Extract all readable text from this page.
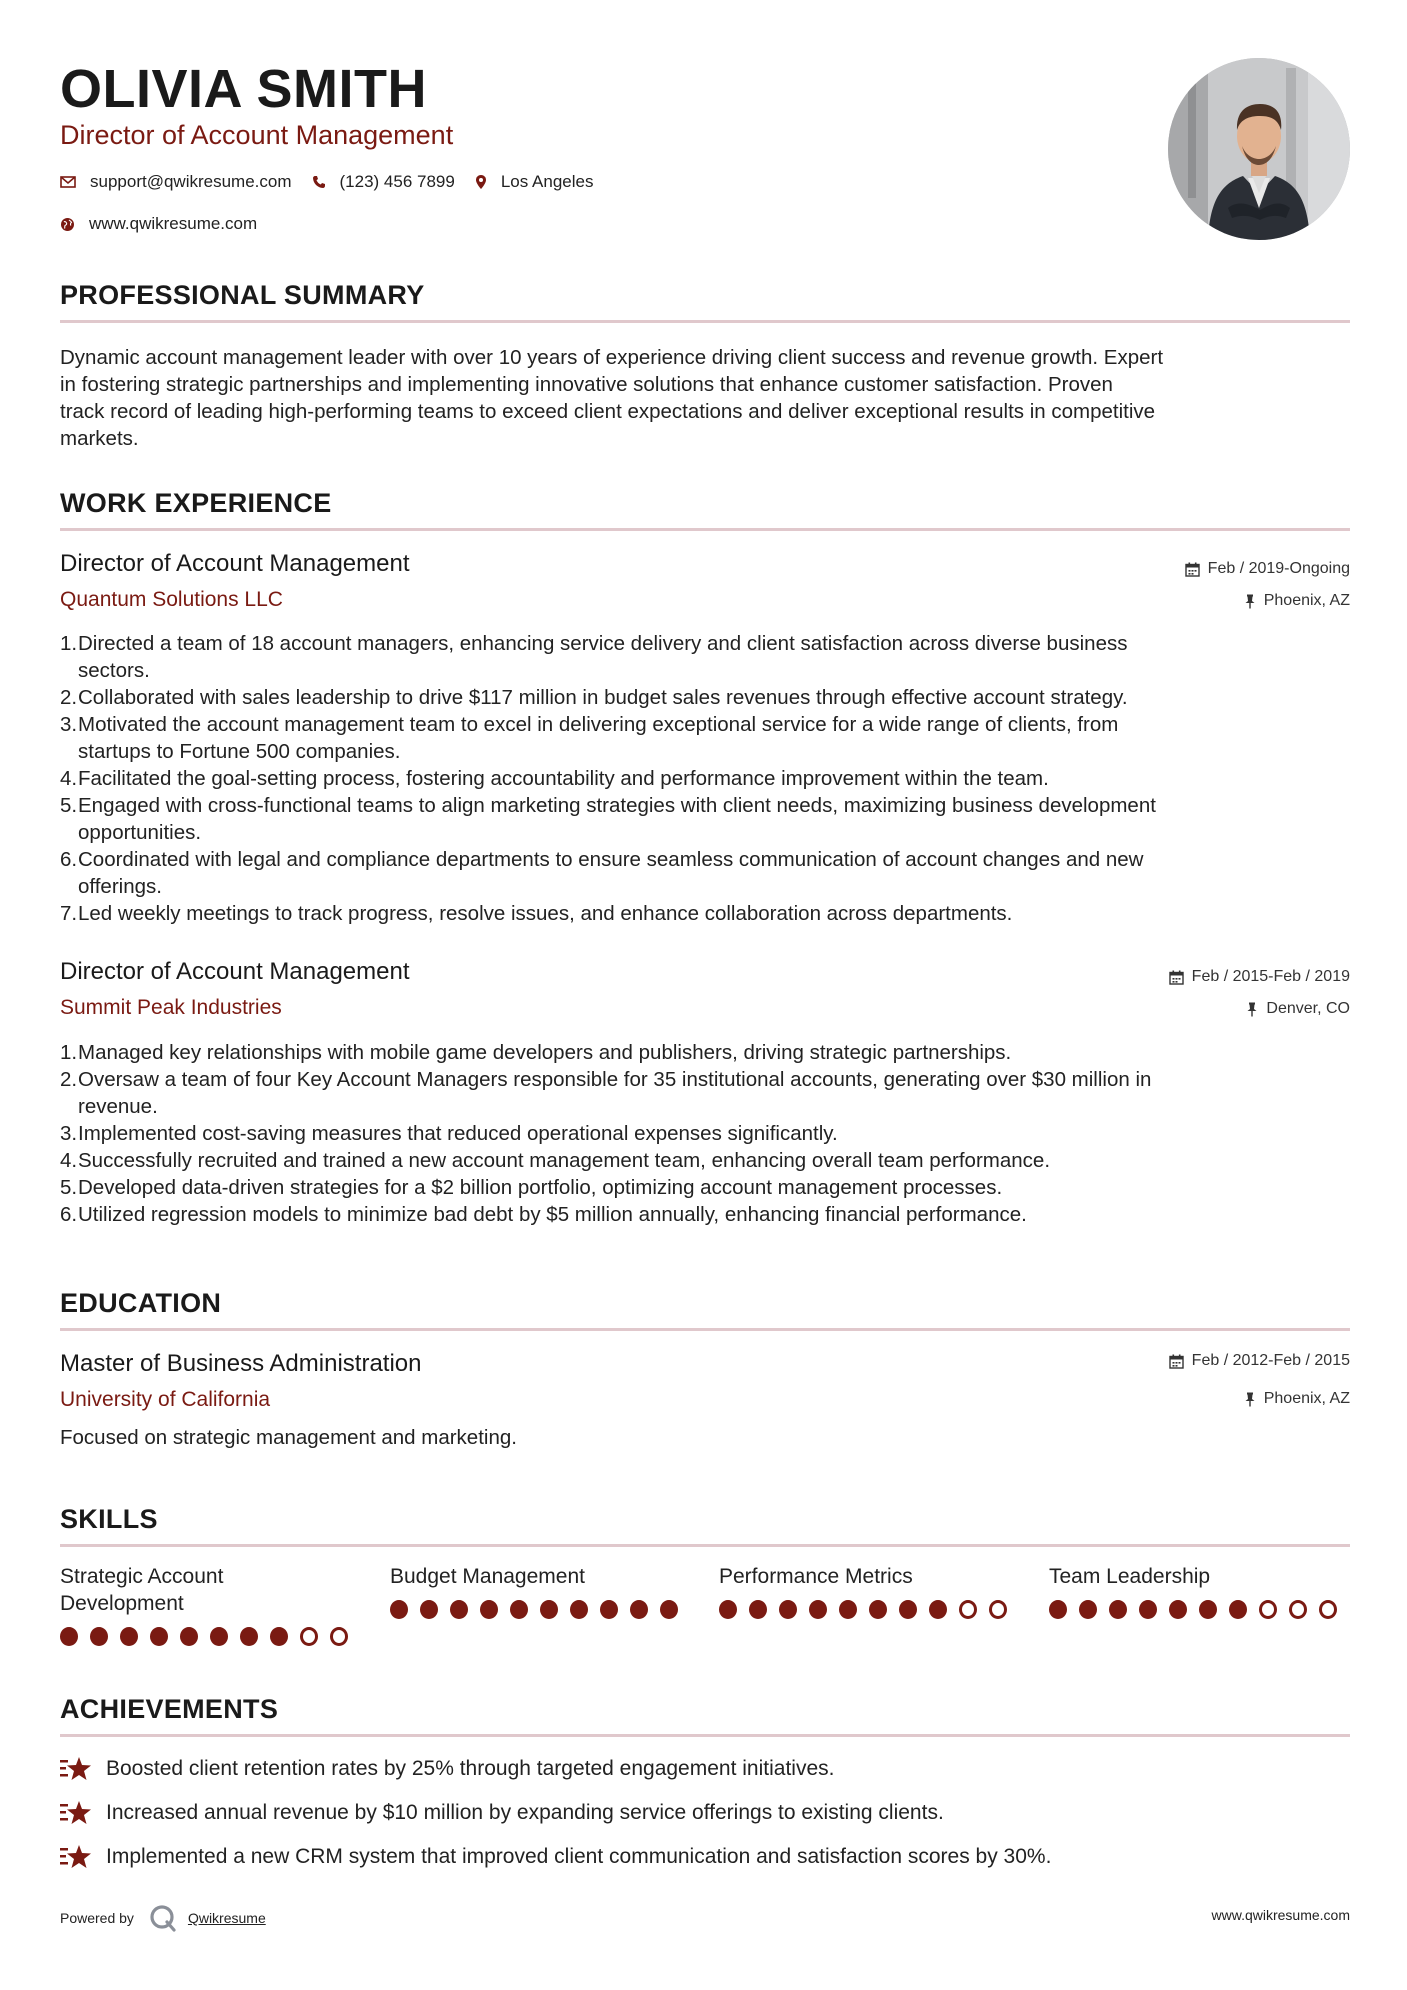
OLIVIA SMITH
Director of Account Management
support@qwikresume.com	(123) 456 7899	Los Angeles
www.qwikresume.com
PROFESSIONAL SUMMARY
Dynamic account management leader with over 10 years of experience driving client success and revenue growth. Expert
in fostering strategic partnerships and implementing innovative solutions that enhance customer satisfaction. Proven
track record of leading high-performing teams to exceed client expectations and deliver exceptional results in competitive
markets.
WORK EXPERIENCE
Director of Account Management
Quantum Solutions LLC
Feb / 2019-Ongoing
Phoenix, AZ
1. Directed a team of 18 account managers, enhancing service delivery and client satisfaction across diverse business
sectors.
2. Collaborated with sales leadership to drive $117 million in budget sales revenues through effective account strategy.
3. Motivated the account management team to excel in delivering exceptional service for a wide range of clients, from
startups to Fortune 500 companies.
4. Facilitated the goal-setting process, fostering accountability and performance improvement within the team.
5. Engaged with cross-functional teams to align marketing strategies with client needs, maximizing business development
opportunities.
6. Coordinated with legal and compliance departments to ensure seamless communication of account changes and new
offerings.
7. Led weekly meetings to track progress, resolve issues, and enhance collaboration across departments.
Director of Account Management
Summit Peak Industries
Feb / 2015-Feb / 2019
Denver, CO
1. Managed key relationships with mobile game developers and publishers, driving strategic partnerships.
2. Oversaw a team of four Key Account Managers responsible for 35 institutional accounts, generating over $30 million in
revenue.
3. Implemented cost-saving measures that reduced operational expenses significantly.
4. Successfully recruited and trained a new account management team, enhancing overall team performance.
5. Developed data-driven strategies for a $2 billion portfolio, optimizing account management processes.
6. Utilized regression models to minimize bad debt by $5 million annually, enhancing financial performance.
EDUCATION
Master of Business Administration
University of California
Feb / 2012-Feb / 2015
Phoenix, AZ
Focused on strategic management and marketing.
SKILLS
Strategic Account
Development
Budget Management	Performance Metrics	Team Leadership
ACHIEVEMENTS
Boosted client retention rates by 25% through targeted engagement initiatives.
Increased annual revenue by $10 million by expanding service offerings to existing clients.
Implemented a new CRM system that improved client communication and satisfaction scores by 30%.
Powered by	Qwikresume	www.qwikresume.com
